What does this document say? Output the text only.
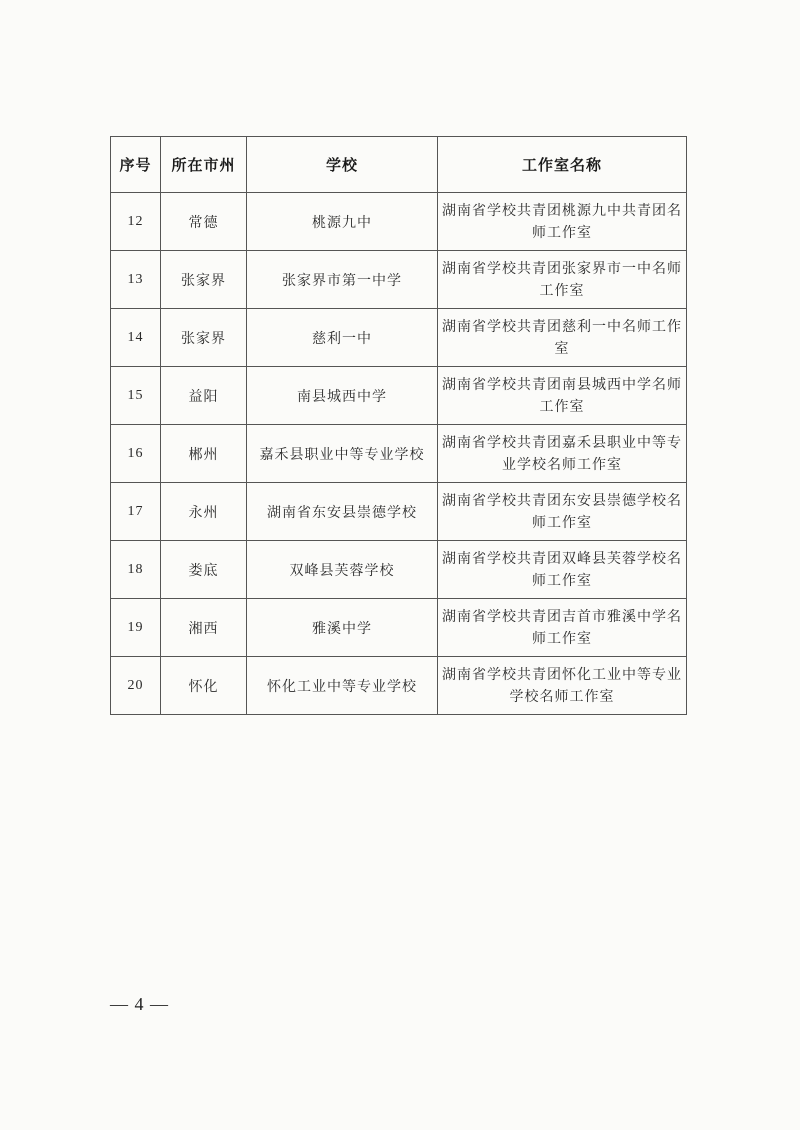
序号	所在市州	学校	工作室名称
12	常德	桃源九中	湖南省学校共青团桃源九中共青团名师工作室
13	张家界	张家界市第一中学	湖南省学校共青团张家界市一中名师工作室
14	张家界	慈利一中	湖南省学校共青团慈利一中名师工作室
15	益阳	南县城西中学	湖南省学校共青团南县城西中学名师工作室
16	郴州	嘉禾县职业中等专业学校	湖南省学校共青团嘉禾县职业中等专业学校名师工作室
17	永州	湖南省东安县崇德学校	湖南省学校共青团东安县崇德学校名师工作室
18	娄底	双峰县芙蓉学校	湖南省学校共青团双峰县芙蓉学校名师工作室
19	湘西	雅溪中学	湖南省学校共青团吉首市雅溪中学名师工作室
20	怀化	怀化工业中等专业学校	湖南省学校共青团怀化工业中等专业学校名师工作室
— 4 —
